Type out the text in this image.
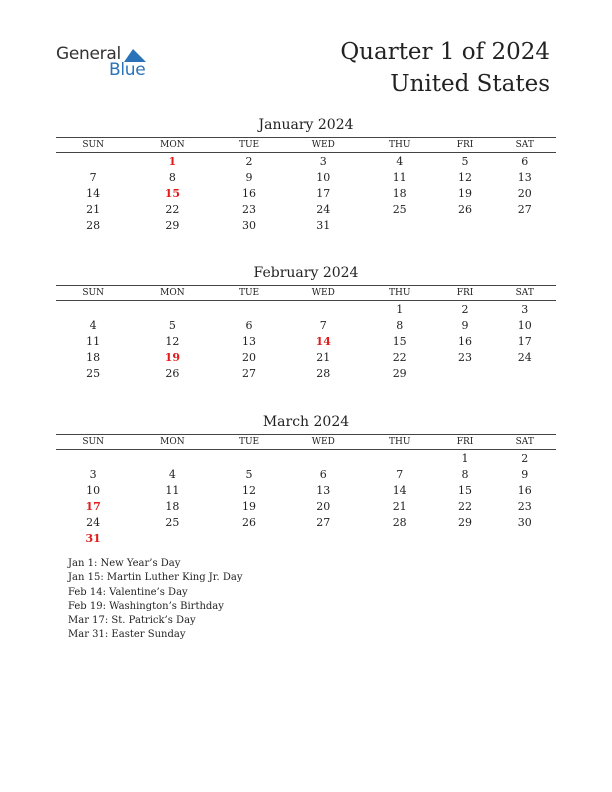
General
Blue
Quarter 1 of 2024
United States
January 2024
SUN	MON	TUE	WED	THU	FRI	SAT
	1	2	3	4	5	6
7	8	9	10	11	12	13
14	15	16	17	18	19	20
21	22	23	24	25	26	27
28	29	30	31			
February 2024
SUN	MON	TUE	WED	THU	FRI	SAT
				1	2	3
4	5	6	7	8	9	10
11	12	13	14	15	16	17
18	19	20	21	22	23	24
25	26	27	28	29		
March 2024
SUN	MON	TUE	WED	THU	FRI	SAT
					1	2
3	4	5	6	7	8	9
10	11	12	13	14	15	16
17	18	19	20	21	22	23
24	25	26	27	28	29	30
31						
Jan 1: New Year’s Day
Jan 15: Martin Luther King Jr. Day
Feb 14: Valentine’s Day
Feb 19: Washington’s Birthday
Mar 17: St. Patrick’s Day
Mar 31: Easter Sunday
